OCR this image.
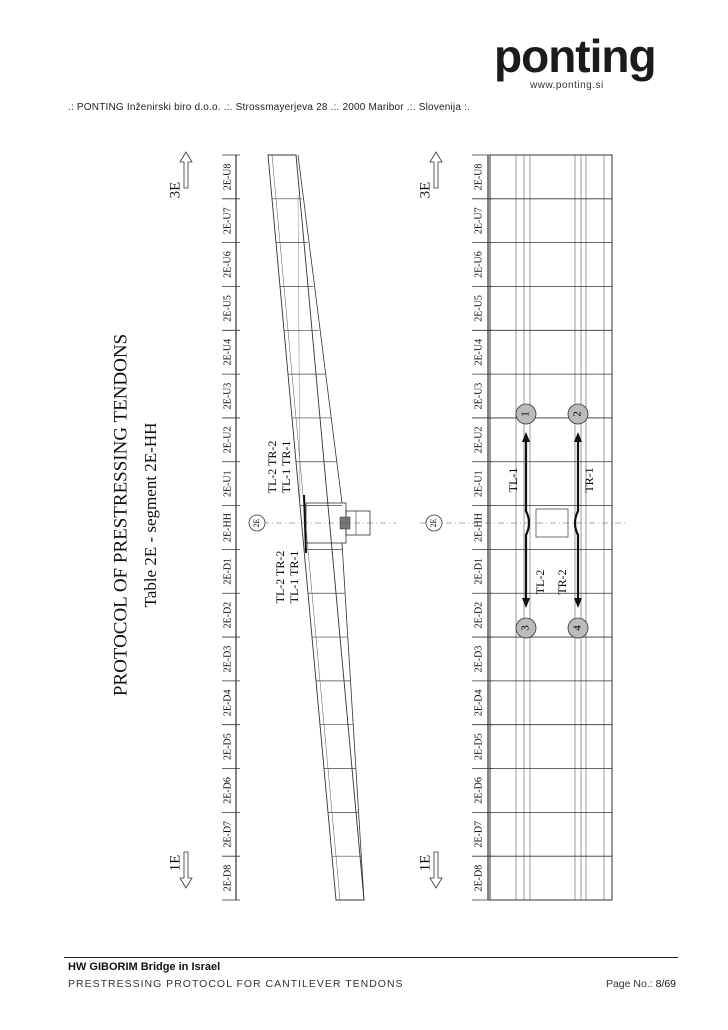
.: PONTING Inženirski biro d.o.o. .:. Strossmayerjeva 28 .:. 2000 Maribor .:. Slovenija :.
ponting
www.ponting.si
2E-U8
2E-U7
2E-U6
2E-U5
2E-U4
2E-U3
2E-U2
2E-U1
2E-HH
2E-D1
2E-D2
2E-D3
2E-D4
2E-D5
2E-D6
2E-D7
2E-D8
2E-U8
2E-U7
2E-U6
2E-U5
2E-U4
2E-U3
2E-U2
2E-U1
2E-HH
2E-D1
2E-D2
2E-D3
2E-D4
2E-D5
2E-D6
2E-D7
2E-D8
3E	3E
1E	1E
PROTOCOL OF PRESTRESSING TENDONS Table 2E - segment 2E-HH	2E
TL-2 TR-2 TL-1 TR-1
TL-2 TR-2 TL-1 TR-1
2E
1
TL-1
2
TR-1
3
TL-2
4
TR-2
HW GIBORIM Bridge in Israel
PRESTRESSING PROTOCOL FOR CANTILEVER TENDONS	Page No.: 8/69
